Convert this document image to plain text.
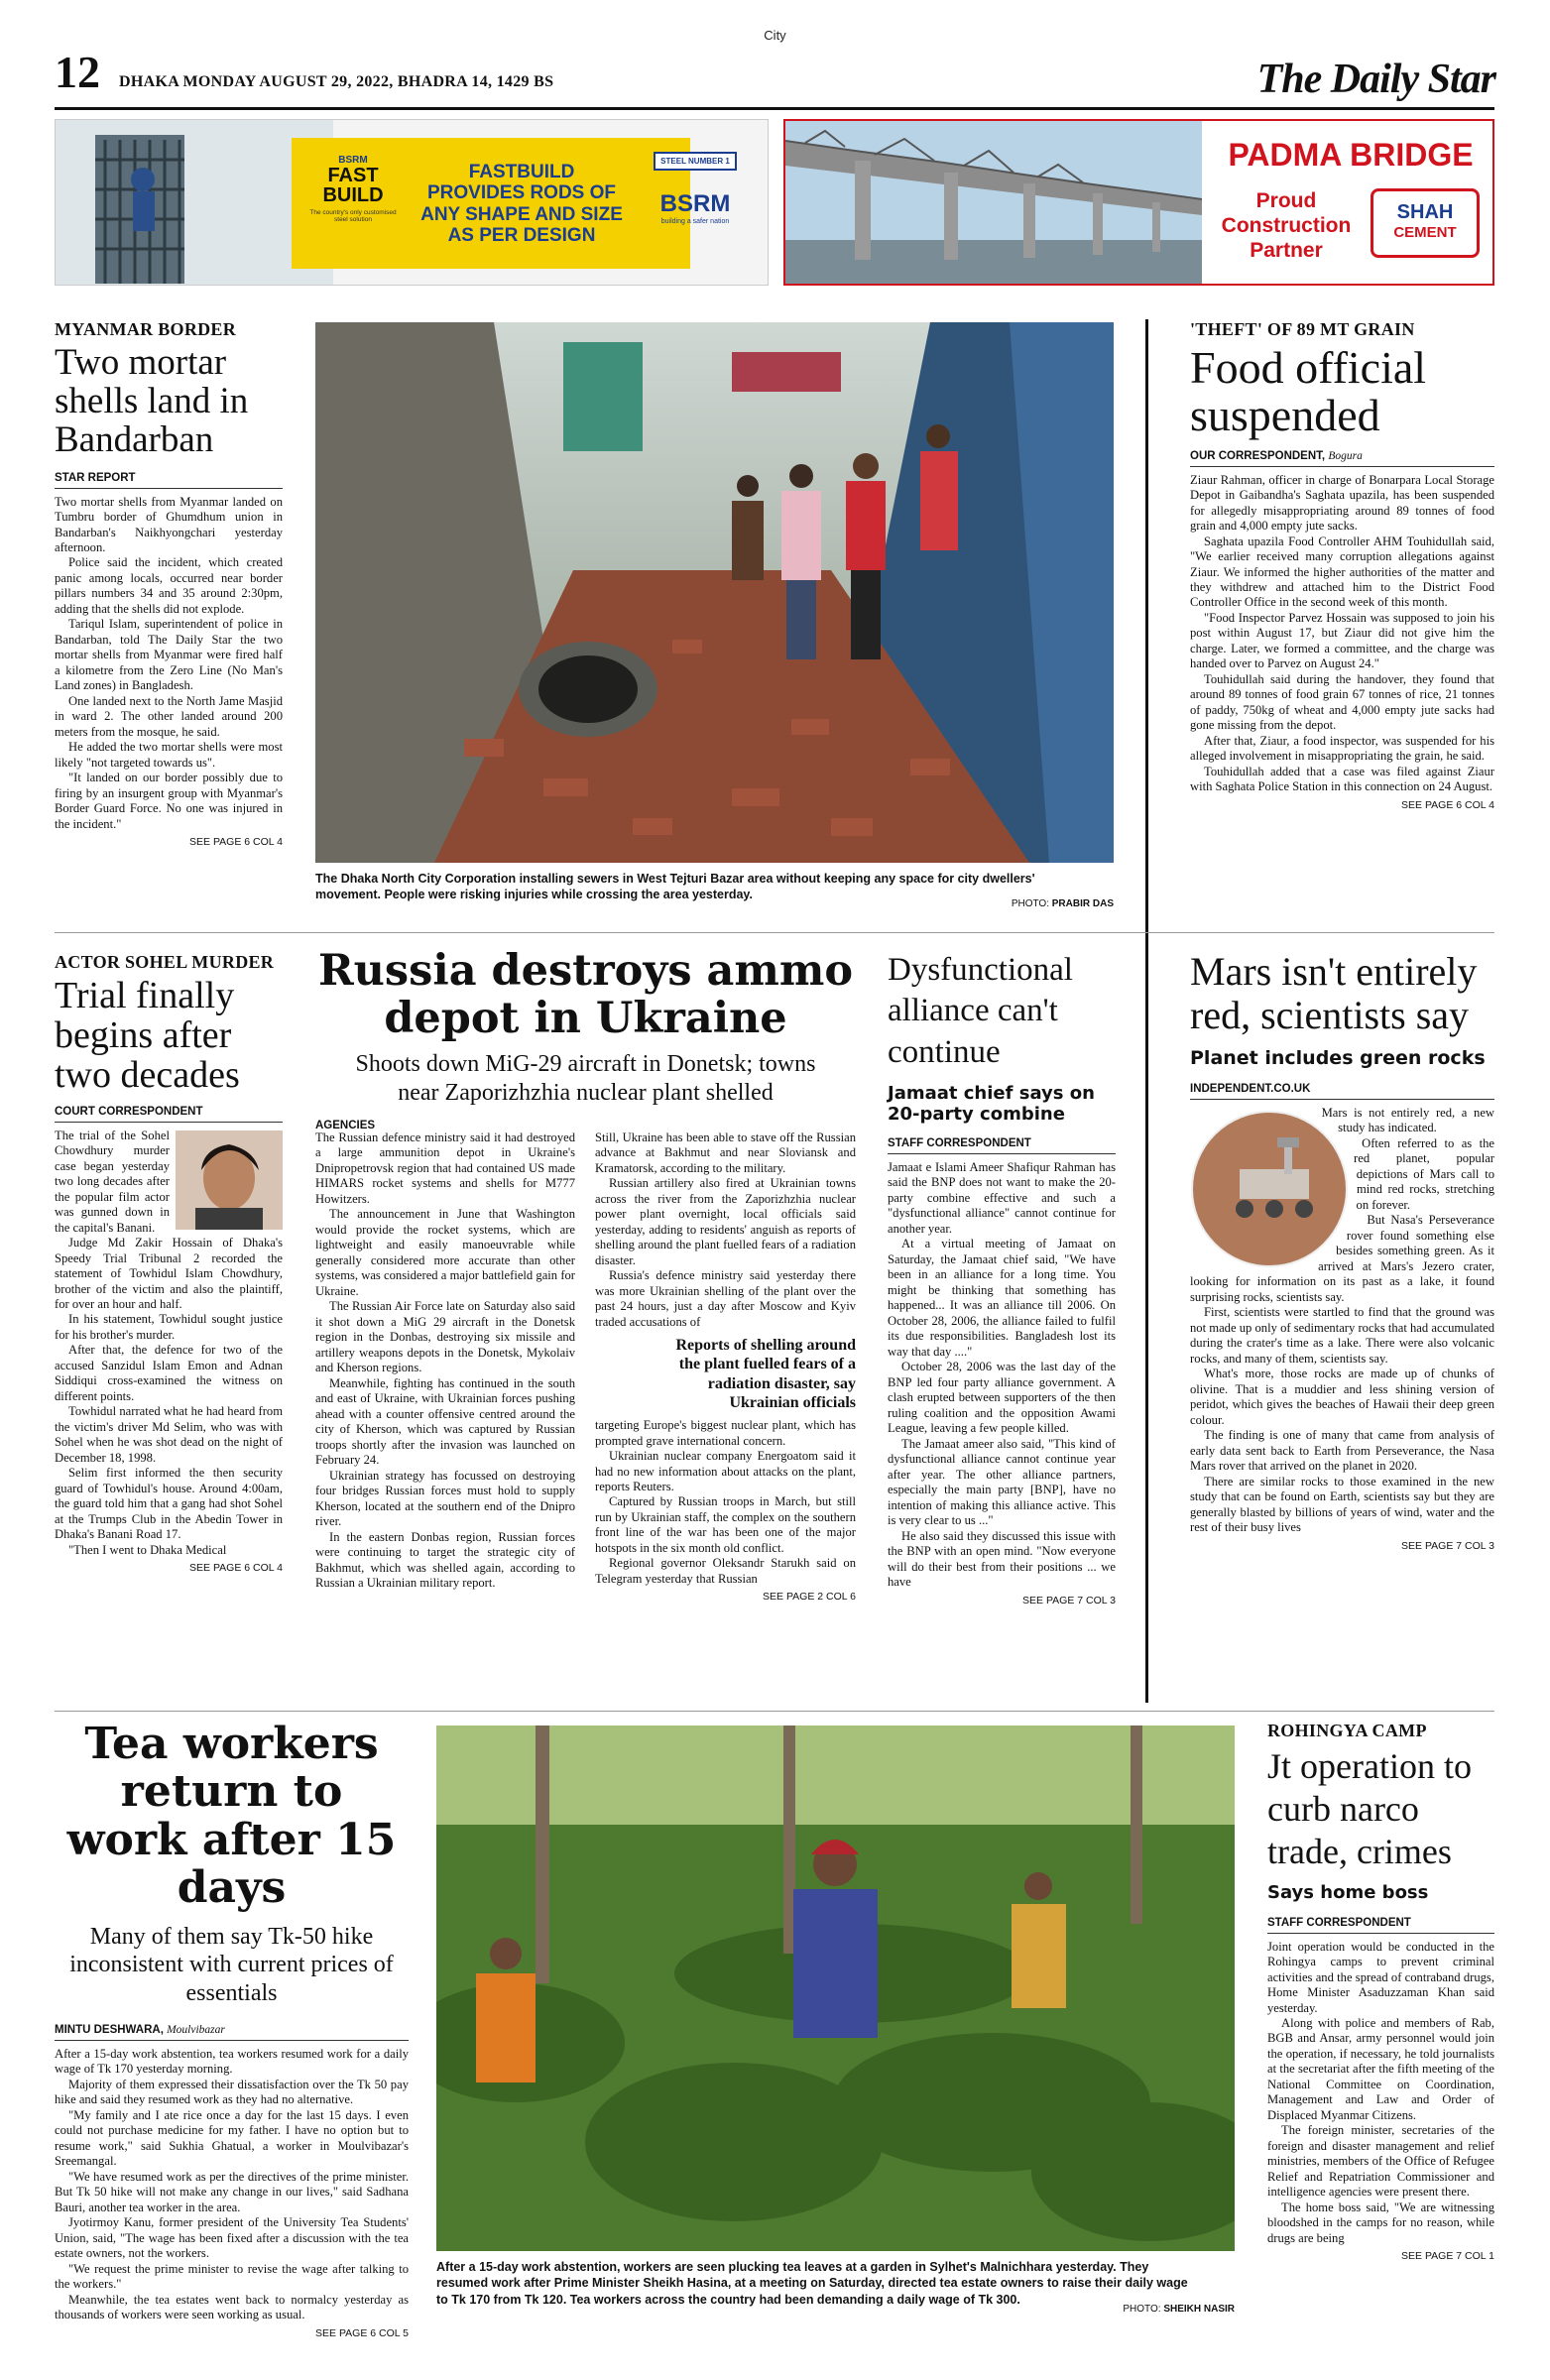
City
12 DHAKA MONDAY AUGUST 29, 2022, BHADRA 14, 1429 BS	The Daily Star
BSRM
FAST BUILD
The country's only customised steel solution
FASTBUILD PROVIDES RODS OF ANY SHAPE AND SIZE AS PER DESIGN
STEEL NUMBER 1
BSRM
building a safer nation
PADMA BRIDGE
Proud
Construction
Partner
SHAH
CEMENT
MYANMAR BORDER
Two mortar shells land in Bandarban
STAR REPORT

Two mortar shells from Myanmar landed on Tumbru border of Ghumdhum union in Bandarban's Naikhyongchari yesterday afternoon.

Police said the incident, which created panic among locals, occurred near border pillars numbers 34 and 35 around 2:30pm, adding that the shells did not explode.

Tariqul Islam, superintendent of police in Bandarban, told The Daily Star the two mortar shells from Myanmar were fired half a kilometre from the Zero Line (No Man's Land zones) in Bangladesh.

One landed next to the North Jame Masjid in ward 2. The other landed around 200 meters from the mosque, he said.

He added the two mortar shells were most likely "not targeted towards us".

"It landed on our border possibly due to firing by an insurgent group with Myanmar's Border Guard Force. No one was injured in the incident."

SEE PAGE 6 COL 4
The Dhaka North City Corporation installing sewers in West Tejturi Bazar area without keeping any space for city dwellers' movement. People were risking injuries while crossing the area yesterday.
PHOTO: PRABIR DAS
'THEFT' OF 89 MT GRAIN
Food official suspended
OUR CORRESPONDENT, Bogura

Ziaur Rahman, officer in charge of Bonarpara Local Storage Depot in Gaibandha's Saghata upazila, has been suspended for allegedly misappropriating around 89 tonnes of food grain and 4,000 empty jute sacks.

Saghata upazila Food Controller AHM Touhidullah said, "We earlier received many corruption allegations against Ziaur. We informed the higher authorities of the matter and they withdrew and attached him to the District Food Controller Office in the second week of this month.

"Food Inspector Parvez Hossain was supposed to join his post within August 17, but Ziaur did not give him the charge. Later, we formed a committee, and the charge was handed over to Parvez on August 24."

Touhidullah said during the handover, they found that around 89 tonnes of food grain 67 tonnes of rice, 21 tonnes of paddy, 750kg of wheat and 4,000 empty jute sacks had gone missing from the depot.

After that, Ziaur, a food inspector, was suspended for his alleged involvement in misappropriating the grain, he said.

Touhidullah added that a case was filed against Ziaur with Saghata Police Station in this connection on 24 August.

SEE PAGE 6 COL 4
ACTOR SOHEL MURDER
Trial finally begins after two decades
COURT CORRESPONDENT

The trial of the Sohel Chowdhury murder case began yesterday two long decades after the popular film actor was gunned down in the capital's Banani.

Judge Md Zakir Hossain of Dhaka's Speedy Trial Tribunal 2 recorded the statement of Towhidul Islam Chowdhury, brother of the victim and also the plaintiff, for over an hour and half.

In his statement, Towhidul sought justice for his brother's murder.

After that, the defence for two of the accused Sanzidul Islam Emon and Adnan Siddiqui cross-examined the witness on different points.

Towhidul narrated what he had heard from the victim's driver Md Selim, who was with Sohel when he was shot dead on the night of December 18, 1998.

Selim first informed the then security guard of Towhidul's house. Around 4:00am, the guard told him that a gang had shot Sohel at the Trumps Club in the Abedin Tower in Dhaka's Banani Road 17.

"Then I went to Dhaka Medical

SEE PAGE 6 COL 4
Russia destroys ammo depot in Ukraine
Shoots down MiG-29 aircraft in Donetsk; towns near Zaporizhzhia nuclear plant shelled
AGENCIES

The Russian defence ministry said it had destroyed a large ammunition depot in Ukraine's Dnipropetrovsk region that had contained US made HIMARS rocket systems and shells for M777 Howitzers.

The announcement in June that Washington would provide the rocket systems, which are lightweight and easily manoeuvrable while generally considered more accurate than other systems, was considered a major battlefield gain for Ukraine.

The Russian Air Force late on Saturday also said it shot down a MiG 29 aircraft in the Donetsk region in the Donbas, destroying six missile and artillery weapons depots in the Donetsk, Mykolaiv and Kherson regions.

Meanwhile, fighting has continued in the south and east of Ukraine, with Ukrainian forces pushing ahead with a counter offensive centred around the city of Kherson, which was captured by Russian troops shortly after the invasion was launched on February 24.

Ukrainian strategy has focussed on destroying four bridges Russian forces must hold to supply Kherson, located at the southern end of the Dnipro river.

In the eastern Donbas region, Russian forces were continuing to target the strategic city of Bakhmut, which was shelled again, according to Russian a Ukrainian military report.

Still, Ukraine has been able to stave off the Russian advance at Bakhmut and near Sloviansk and Kramatorsk, according to the military.

Russian artillery also fired at Ukrainian towns across the river from the Zaporizhzhia nuclear power plant overnight, local officials said yesterday, adding to residents' anguish as reports of shelling around the plant fuelled fears of a radiation disaster.

Russia's defence ministry said yesterday there was more Ukrainian shelling of the plant over the past 24 hours, just a day after Moscow and Kyiv traded accusations of

Reports of shelling around the plant fuelled fears of a radiation disaster, say Ukrainian officials

targeting Europe's biggest nuclear plant, which has prompted grave international concern.

Ukrainian nuclear company Energoatom said it had no new information about attacks on the plant, reports Reuters.

Captured by Russian troops in March, but still run by Ukrainian staff, the complex on the southern front line of the war has been one of the major hotspots in the six month old conflict.

Regional governor Oleksandr Starukh said on Telegram yesterday that Russian

SEE PAGE 2 COL 6
Dysfunctional alliance can't continue
Jamaat chief says on 20-party combine
STAFF CORRESPONDENT

Jamaat e Islami Ameer Shafiqur Rahman has said the BNP does not want to make the 20-party combine effective and such a "dysfunctional alliance" cannot continue for another year.

At a virtual meeting of Jamaat on Saturday, the Jamaat chief said, "We have been in an alliance for a long time. You might be thinking that something has happened... It was an alliance till 2006. On October 28, 2006, the alliance failed to fulfil its due responsibilities. Bangladesh lost its way that day ...."

October 28, 2006 was the last day of the BNP led four party alliance government. A clash erupted between supporters of the then ruling coalition and the opposition Awami League, leaving a few people killed.

The Jamaat ameer also said, "This kind of dysfunctional alliance cannot continue year after year. The other alliance partners, especially the main party [BNP], have no intention of making this alliance active. This is very clear to us ..."

He also said they discussed this issue with the BNP with an open mind. "Now everyone will do their best from their positions ... we have

SEE PAGE 7 COL 3
Mars isn't entirely red, scientists say
Planet includes green rocks
INDEPENDENT.CO.UK

Mars is not entirely red, a new study has indicated.

Often referred to as the red planet, popular depictions of Mars call to mind red rocks, stretching on forever.

But Nasa's Perseverance rover found something else besides something green. As it arrived at Mars's Jezero crater, looking for information on its past as a lake, it found surprising rocks, scientists say.

First, scientists were startled to find that the ground was not made up only of sedimentary rocks that had accumulated during the crater's time as a lake. There were also volcanic rocks, and many of them, scientists say.

What's more, those rocks are made up of chunks of olivine. That is a muddier and less shining version of peridot, which gives the beaches of Hawaii their deep green colour.

The finding is one of many that came from analysis of early data sent back to Earth from Perseverance, the Nasa Mars rover that arrived on the planet in 2020.

There are similar rocks to those examined in the new study that can be found on Earth, scientists say but they are generally blasted by billions of years of wind, water and the rest of their busy lives

SEE PAGE 7 COL 3
Tea workers return to work after 15 days
Many of them say Tk-50 hike inconsistent with current prices of essentials
MINTU DESHWARA, Moulvibazar

After a 15-day work abstention, tea workers resumed work for a daily wage of Tk 170 yesterday morning.

Majority of them expressed their dissatisfaction over the Tk 50 pay hike and said they resumed work as they had no alternative.

"My family and I ate rice once a day for the last 15 days. I even could not purchase medicine for my father. I have no option but to resume work," said Sukhia Ghatual, a worker in Moulvibazar's Sreemangal.

"We have resumed work as per the directives of the prime minister. But Tk 50 hike will not make any change in our lives," said Sadhana Bauri, another tea worker in the area.

Jyotirmoy Kanu, former president of the University Tea Students' Union, said, "The wage has been fixed after a discussion with the tea estate owners, not the workers.

"We request the prime minister to revise the wage after talking to the workers."

Meanwhile, the tea estates went back to normalcy yesterday as thousands of workers were seen working as usual.

SEE PAGE 6 COL 5
After a 15-day work abstention, workers are seen plucking tea leaves at a garden in Sylhet's Malnichhara yesterday. They resumed work after Prime Minister Sheikh Hasina, at a meeting on Saturday, directed tea estate owners to raise their daily wage to Tk 170 from Tk 120. Tea workers across the country had been demanding a daily wage of Tk 300.
PHOTO: SHEIKH NASIR
ROHINGYA CAMP
Jt operation to curb narco trade, crimes
Says home boss
STAFF CORRESPONDENT

Joint operation would be conducted in the Rohingya camps to prevent criminal activities and the spread of contraband drugs, Home Minister Asaduzzaman Khan said yesterday.

Along with police and members of Rab, BGB and Ansar, army personnel would join the operation, if necessary, he told journalists at the secretariat after the fifth meeting of the National Committee on Coordination, Management and Law and Order of Displaced Myanmar Citizens.

The foreign minister, secretaries of the foreign and disaster management and relief ministries, members of the Office of Refugee Relief and Repatriation Commissioner and intelligence agencies were present there.

The home boss said, "We are witnessing bloodshed in the camps for no reason, while drugs are being

SEE PAGE 7 COL 1
